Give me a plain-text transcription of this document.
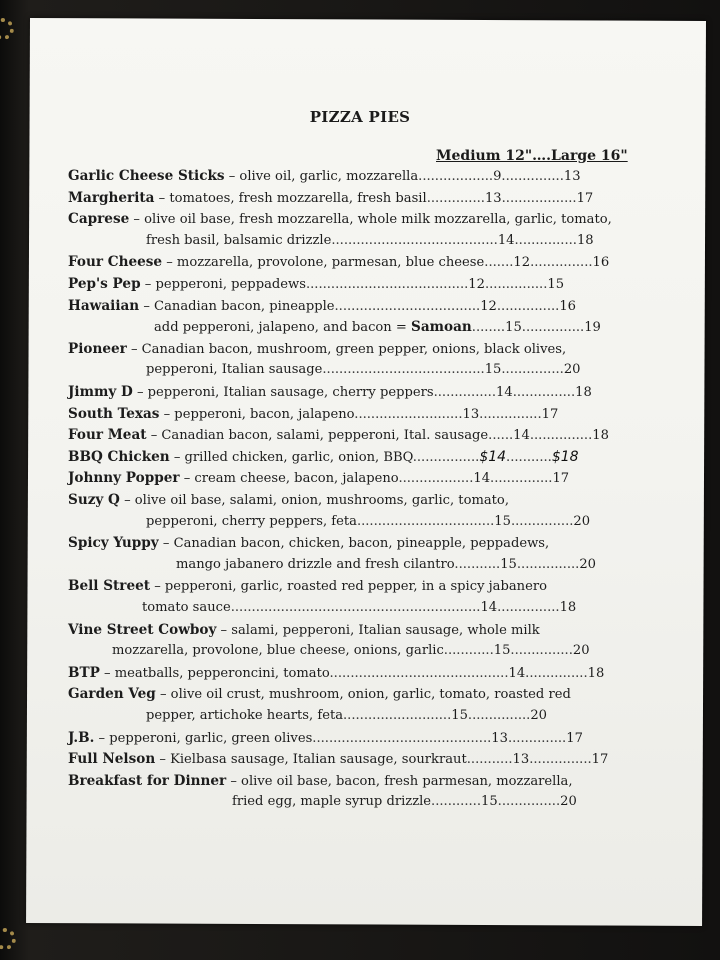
PIZZA PIES
Medium 12"….Large 16"
Garlic Cheese Sticks – olive oil, garlic, mozzarella..................9...............13
Margherita – tomatoes, fresh mozzarella, fresh basil..............13..................17
Caprese – olive oil base, fresh mozzarella, whole milk mozzarella, garlic, tomato,
fresh basil, balsamic drizzle........................................14...............18
Four Cheese – mozzarella, provolone, parmesan, blue cheese.......12...............16
Pep's Pep – pepperoni, peppadews.......................................12...............15
Hawaiian – Canadian bacon, pineapple...................................12...............16
add pepperoni, jalapeno, and bacon = Samoan........15...............19
Pioneer – Canadian bacon, mushroom, green pepper, onions, black olives,
pepperoni, Italian sausage.......................................15...............20
Jimmy D – pepperoni, Italian sausage, cherry peppers...............14...............18
South Texas – pepperoni, bacon, jalapeno..........................13...............17
Four Meat – Canadian bacon, salami, pepperoni, Ital. sausage......14...............18
BBQ Chicken – grilled chicken, garlic, onion, BBQ................$14...........$18
Johnny Popper – cream cheese, bacon, jalapeno..................14...............17
Suzy Q – olive oil base, salami, onion, mushrooms, garlic, tomato,
pepperoni, cherry peppers, feta.................................15...............20
Spicy Yuppy – Canadian bacon, chicken, bacon, pineapple, peppadews,
mango jabanero drizzle and fresh cilantro...........15...............20
Bell Street – pepperoni, garlic, roasted red pepper, in a spicy jabanero
tomato sauce............................................................14...............18
Vine Street Cowboy – salami, pepperoni, Italian sausage, whole milk
mozzarella, provolone, blue cheese, onions, garlic............15...............20
BTP – meatballs, pepperoncini, tomato...........................................14...............18
Garden Veg – olive oil crust, mushroom, onion, garlic, tomato, roasted red
pepper, artichoke hearts, feta..........................15...............20
J.B. – pepperoni, garlic, green olives...........................................13..............17
Full Nelson – Kielbasa sausage, Italian sausage, sourkraut...........13...............17
Breakfast for Dinner – olive oil base, bacon, fresh parmesan, mozzarella,
fried egg, maple syrup drizzle............15...............20
